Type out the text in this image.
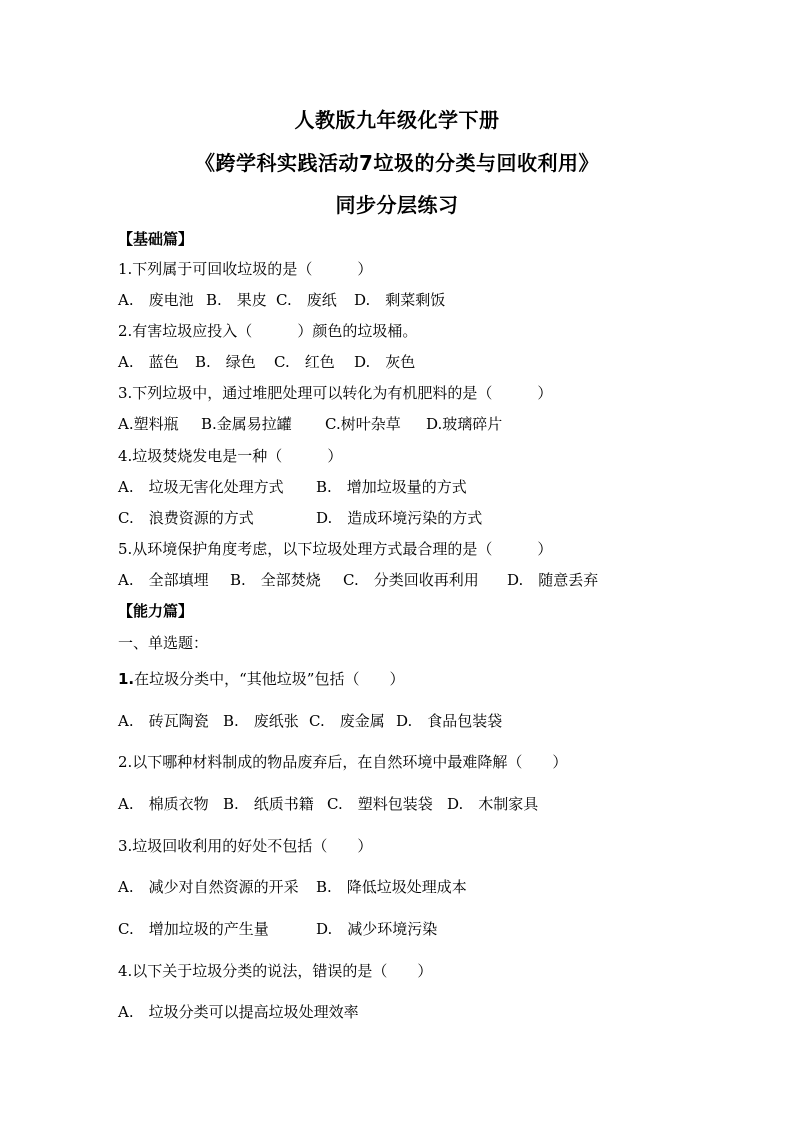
人教版九年级化学下册
《跨学科实践活动7垃圾的分类与回收利用》
同步分层练习
【基础篇】
1.下列属于可回收垃圾的是（　　　）
A.　废电池 B.　果皮 C.　废纸 D.　剩菜剩饭
2.有害垃圾应投入（　　　）颜色的垃圾桶。
A.　蓝色 B.　绿色 C.　红色 D.　灰色
3.下列垃圾中，通过堆肥处理可以转化为有机肥料的是（　　　）
A.塑料瓶 B.金属易拉罐 C.树叶杂草 D.玻璃碎片
4.垃圾焚烧发电是一种（　　　）
A.　垃圾无害化处理方式 B.　增加垃圾量的方式
C.　浪费资源的方式	D.　造成环境污染的方式
5.从环境保护角度考虑，以下垃圾处理方式最合理的是（　　　）
A.　全部填埋 B.　全部焚烧 C.　分类回收再利用 D.　随意丢弃
【能力篇】
一、单选题：
1.在垃圾分类中，“其他垃圾”包括（　　）
A.　砖瓦陶瓷 B.　废纸张 C.　废金属 D.　食品包装袋
2.以下哪种材料制成的物品废弃后，在自然环境中最难降解（　　）
A.　棉质衣物 B.　纸质书籍 C.　塑料包装袋 D.　木制家具
3.垃圾回收利用的好处不包括（　　）
A.　减少对自然资源的开采 B.　降低垃圾处理成本
C.　增加垃圾的产生量	D.　减少环境污染
4.以下关于垃圾分类的说法，错误的是（　　）
A.　垃圾分类可以提高垃圾处理效率
